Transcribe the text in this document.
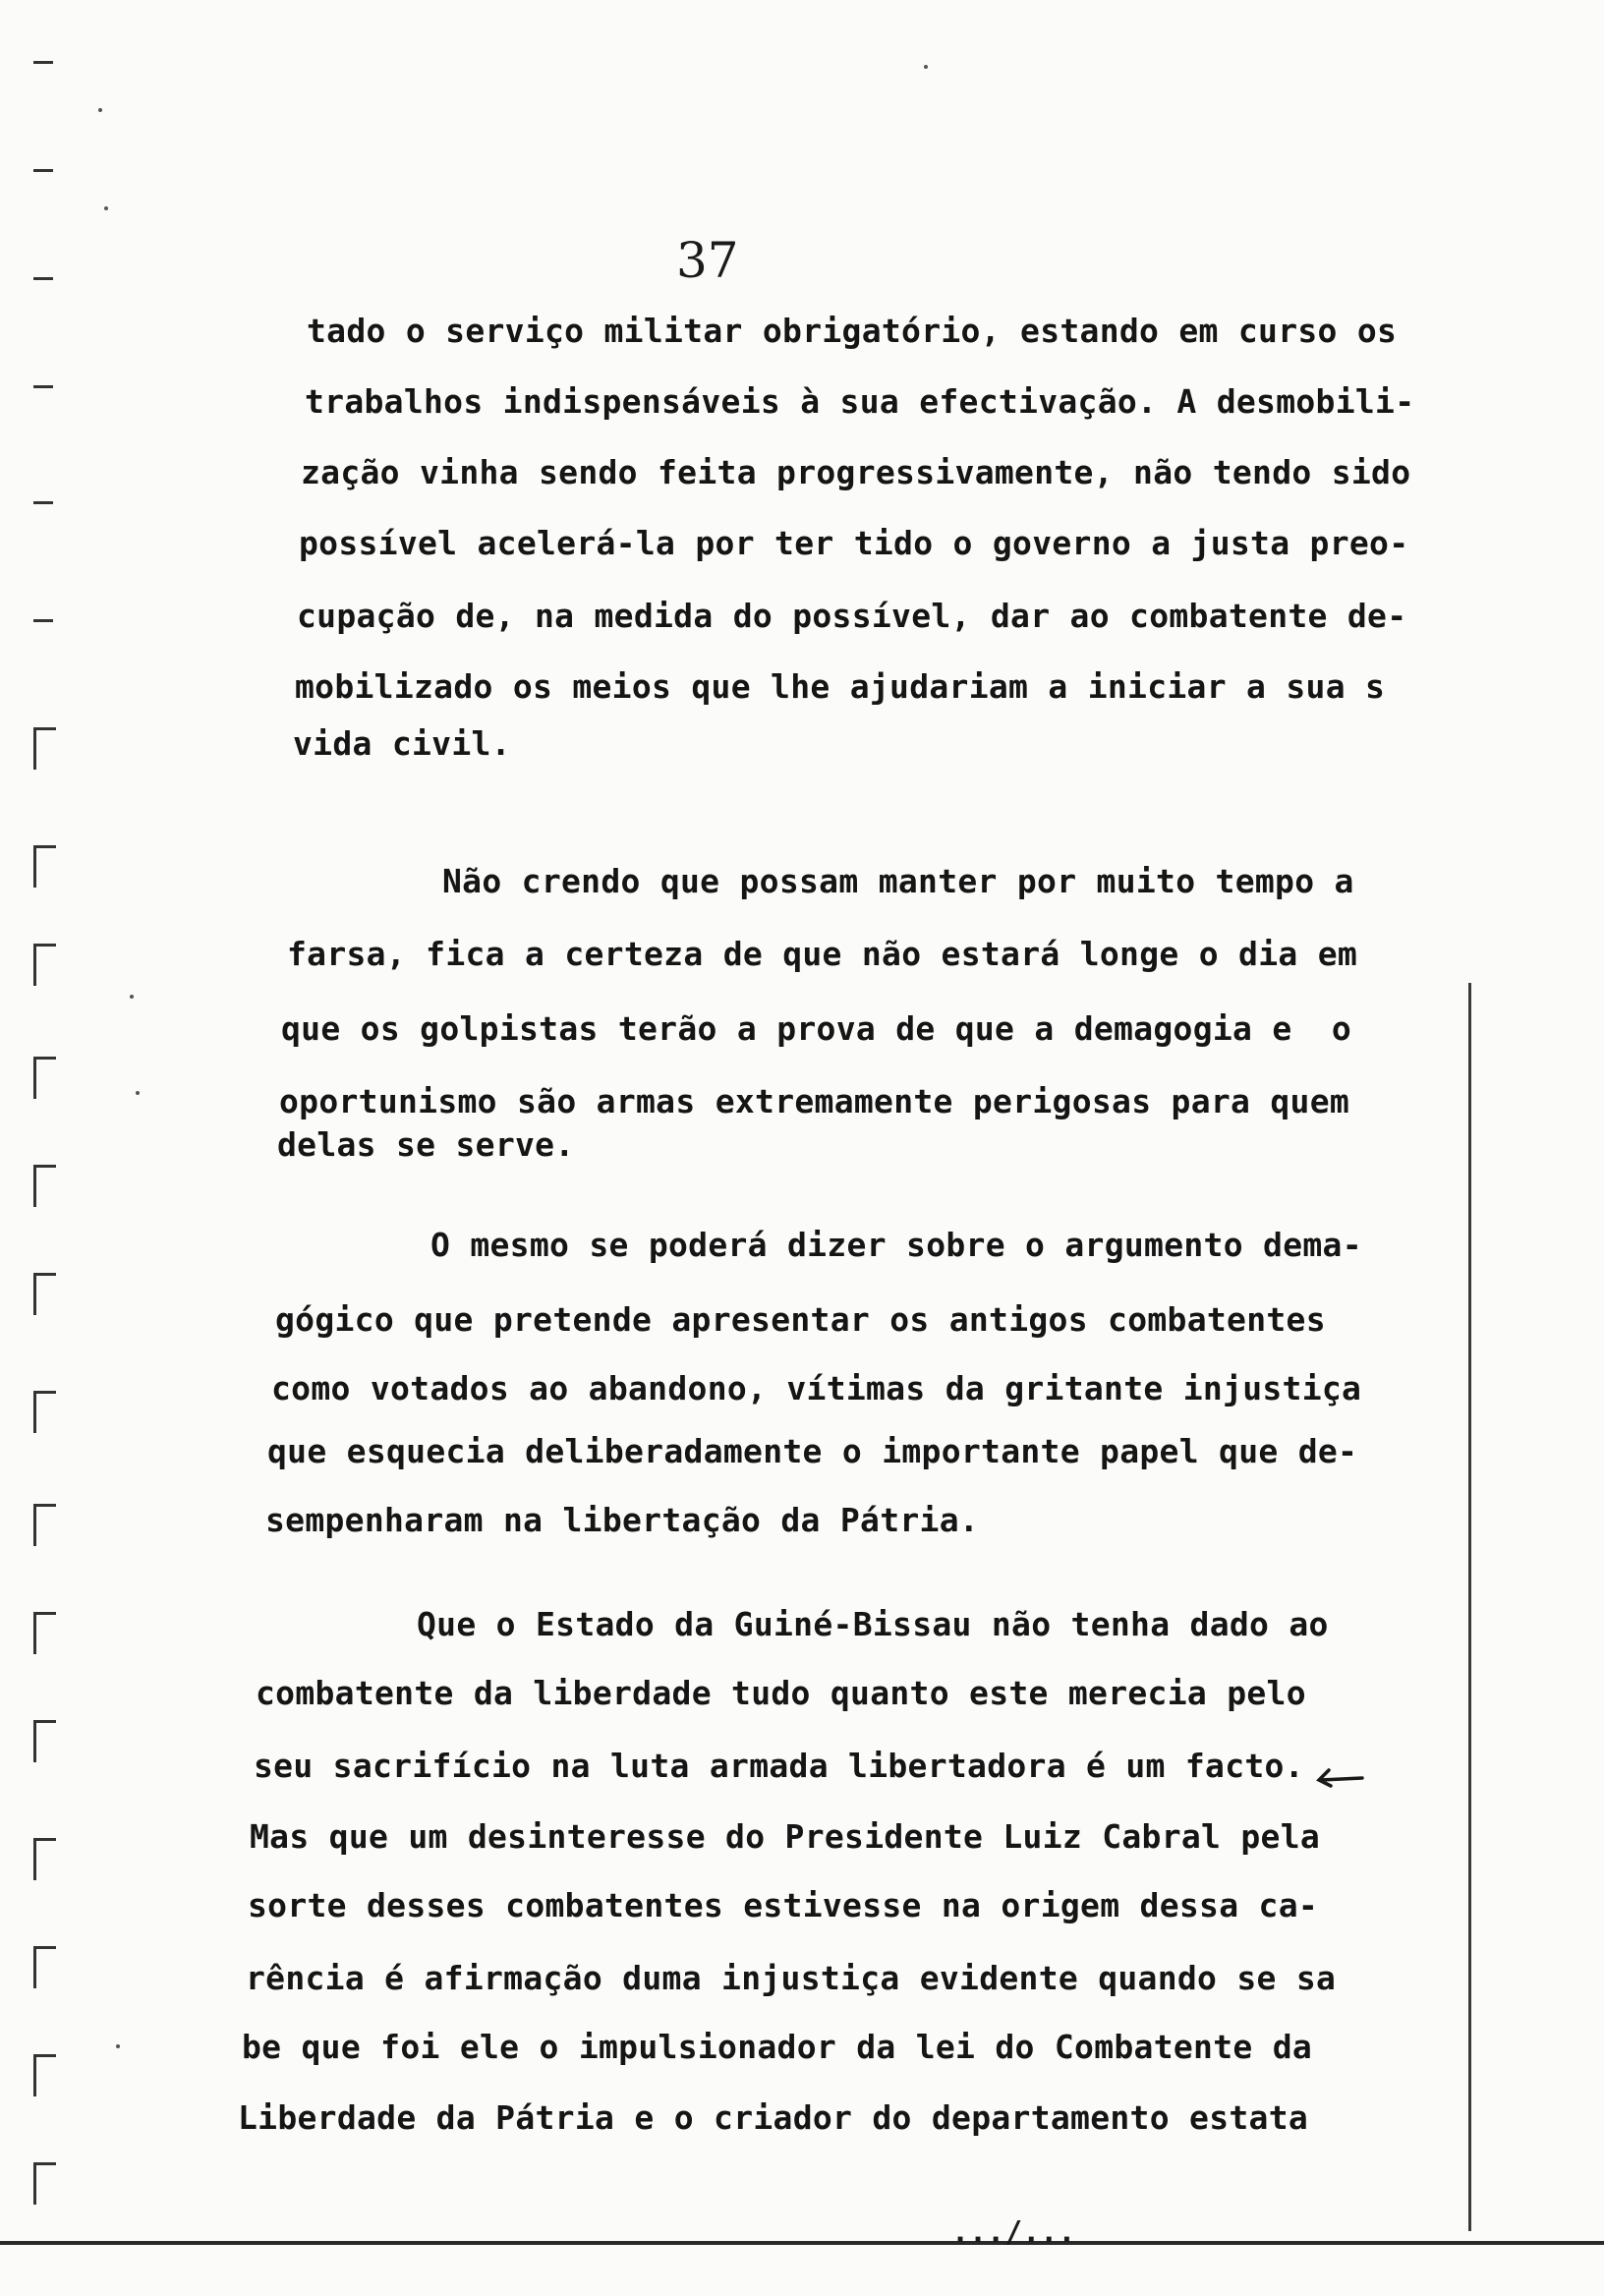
37
tado o serviço militar obrigatório, estando em curso os
trabalhos indispensáveis à sua efectivação. A desmobili-
zação vinha sendo feita progressivamente, não tendo sido
possível acelerá-la por ter tido o governo a justa preo-
cupação de, na medida do possível, dar ao combatente de-
mobilizado os meios que lhe ajudariam a iniciar a sua s
vida civil.
Não crendo que possam manter por muito tempo a
farsa, fica a certeza de que não estará longe o dia em
que os golpistas terão a prova de que a demagogia e  o
oportunismo são armas extremamente perigosas para quem
delas se serve.
O mesmo se poderá dizer sobre o argumento dema-
gógico que pretende apresentar os antigos combatentes
como votados ao abandono, vítimas da gritante injustiça
que esquecia deliberadamente o importante papel que de-
sempenharam na libertação da Pátria.
Que o Estado da Guiné-Bissau não tenha dado ao
combatente da liberdade tudo quanto este merecia pelo
seu sacrifício na luta armada libertadora é um facto.
Mas que um desinteresse do Presidente Luiz Cabral pela
sorte desses combatentes estivesse na origem dessa ca-
rência é afirmação duma injustiça evidente quando se sa
be que foi ele o impulsionador da lei do Combatente da
Liberdade da Pátria e o criador do departamento estata
.../...
